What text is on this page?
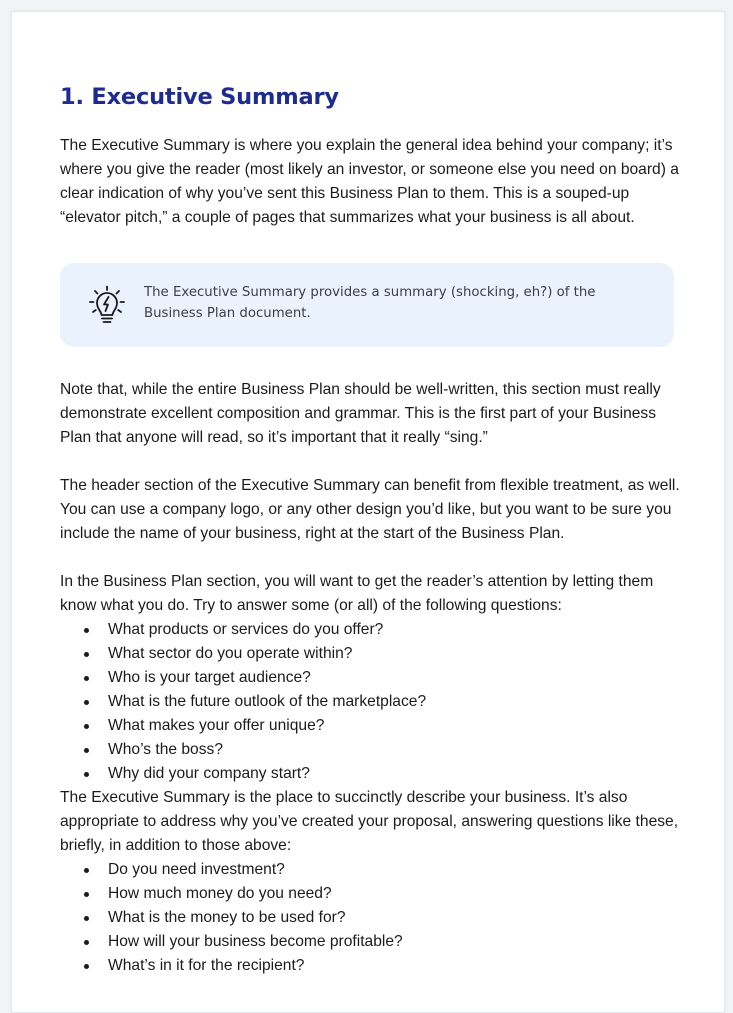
1. Executive Summary

The Executive Summary is where you explain the general idea behind your company; it’s where you give the reader (most likely an investor, or someone else you need on board) a clear indication of why you’ve sent this Business Plan to them. This is a souped-up “elevator pitch,” a couple of pages that summarizes what your business is all about.

The Executive Summary provides a summary (shocking, eh?) of the Business Plan document.

Note that, while the entire Business Plan should be well-written, this section must really demonstrate excellent composition and grammar. This is the first part of your Business Plan that anyone will read, so it’s important that it really “sing.”

The header section of the Executive Summary can benefit from flexible treatment, as well. You can use a company logo, or any other design you’d like, but you want to be sure you include the name of your business, right at the start of the Business Plan.

In the Business Plan section, you will want to get the reader’s attention by letting them know what you do. Try to answer some (or all) of the following questions:

What products or services do you offer?
What sector do you operate within?
Who is your target audience?
What is the future outlook of the marketplace?
What makes your offer unique?
Who’s the boss?
Why did your company start?

The Executive Summary is the place to succinctly describe your business. It’s also appropriate to address why you’ve created your proposal, answering questions like these, briefly, in addition to those above:

Do you need investment?
How much money do you need?
What is the money to be used for?
How will your business become profitable?
What’s in it for the recipient?
